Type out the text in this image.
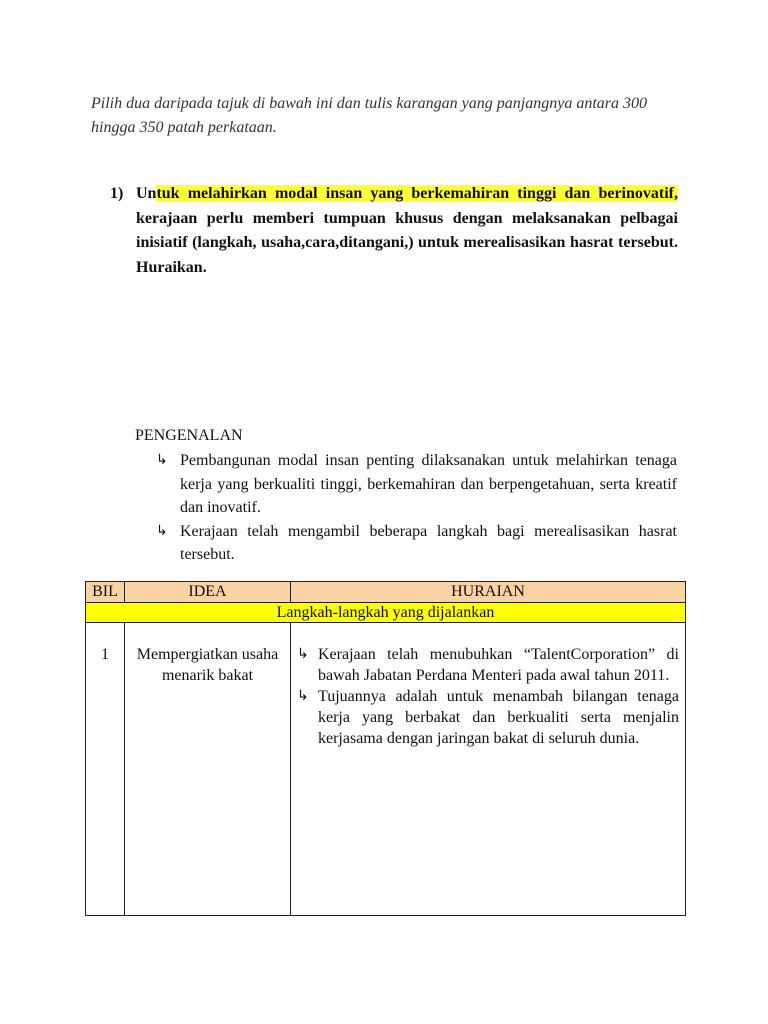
Pilih dua daripada tajuk di bawah ini dan tulis karangan yang panjangnya antara 300 hingga 350 patah perkataan.
1) Untuk melahirkan modal insan yang berkemahiran tinggi dan berinovatif, kerajaan perlu memberi tumpuan khusus dengan melaksanakan pelbagai inisiatif (langkah, usaha,cara,ditangani,) untuk merealisasikan hasrat tersebut. Huraikan.
PENGENALAN
↳ Pembangunan modal insan penting dilaksanakan untuk melahirkan tenaga kerja yang berkualiti tinggi, berkemahiran dan berpengetahuan, serta kreatif dan inovatif.
↳ Kerajaan telah mengambil beberapa langkah bagi merealisasikan hasrat tersebut.
BIL	IDEA	HURAIAN
Langkah-langkah yang dijalankan		

1	Mempergiatkan usaha menarik bakat	↳ Kerajaan telah menubuhkan “TalentCorporation” di bawah Jabatan Perdana Menteri pada awal tahun 2011.
↳ Tujuannya adalah untuk menambah bilangan tenaga kerja yang berbakat dan berkualiti serta menjalin kerjasama dengan jaringan bakat di seluruh dunia.
